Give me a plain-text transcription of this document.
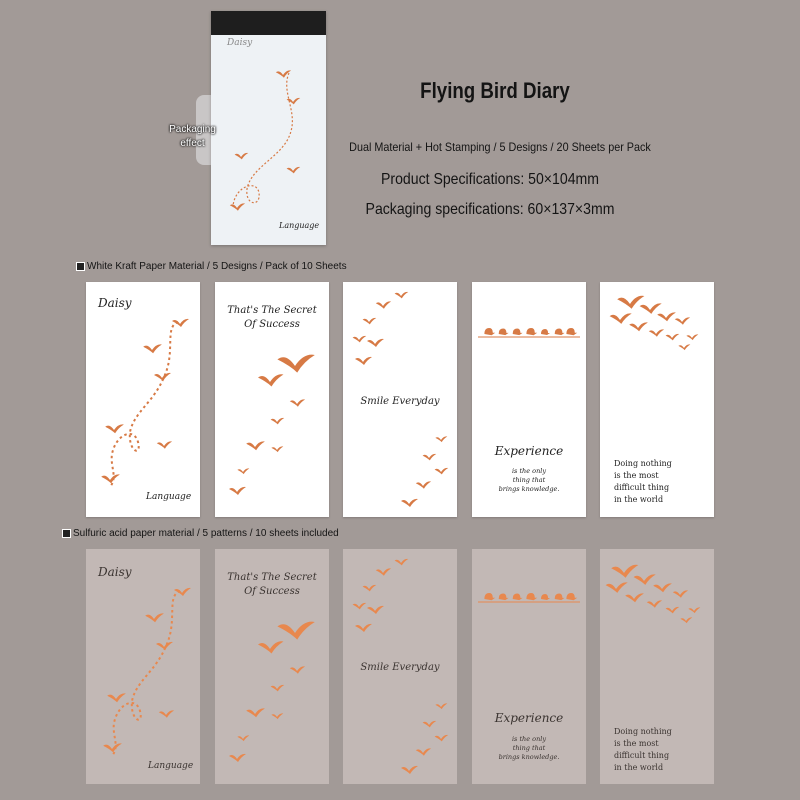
Daisy
Language
Packaging
effect
Flying Bird Diary
Dual Material + Hot Stamping / 5 Designs / 20 Sheets per Pack
Product Specifications: 50×104mm
Packaging specifications: 60×137×3mm
White Kraft Paper Material / 5 Designs / Pack of 10 Sheets
Sulfuric acid paper material / 5 patterns / 10 sheets included
Daisy
Language
That's The Secret
Of Success
Smile Everyday
Experience
is the only
thing that
brings knowledge.
Doing nothing
is the most
difficult thing
in the world
Daisy
Language
That's The Secret
Of Success
Smile Everyday
Experience
is the only
thing that
brings knowledge.
Doing nothing
is the most
difficult thing
in the world
